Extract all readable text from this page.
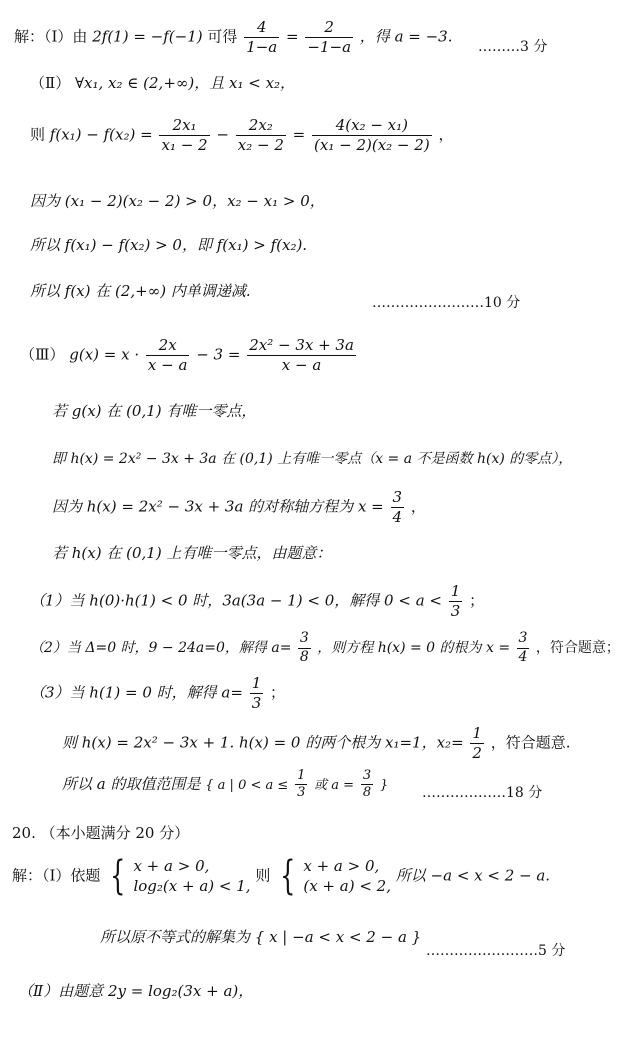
解：（Ⅰ）由 2f(1) = −f(−1) 可得 $\frac{4}{1-a} = \frac{2}{-1-a}$ ，得 a = −3.
………3 分
（Ⅱ） ∀x₁, x₂ ∈ (2,+∞)，且 x₁ < x₂，
则 $f(x_1) - f(x_2) = \frac{\text{2x₁}}{\text{x₁ − 2}} - \frac{\text{2x₂}}{\text{x₂ − 2}} = \frac{\text{4(x₂ − x₁)}}{\text{(x₁ − 2)(x₂ − 2)}}$ ，
因为 (x₁ − 2)(x₂ − 2) > 0，x₂ − x₁ > 0，
所以 f(x₁) − f(x₂) > 0，即 f(x₁) > f(x₂).
所以 f(x) 在 (2,+∞) 内单调递减.
……………………10 分
（Ⅲ） $g(x) = x \cdot \frac{2x}{x - a} - 3 = \frac{\text{2x² − 3x + 3a}}{x - a}$
若 g(x) 在 (0,1) 有唯一零点，
即 h(x) = 2x² − 3x + 3a 在 (0,1) 上有唯一零点（x = a 不是函数 h(x) 的零点），
因为 h(x) = 2x² − 3x + 3a 的对称轴方程为 $x = \frac{3}{4}$ ，
若 h(x) 在 (0,1) 上有唯一零点，由题意：
（1）当 h(0)·h(1) < 0 时，3a(3a − 1) < 0，解得 $0 < a < \frac{1}{3}$ ；
（2）当 Δ=0 时，9 − 24a=0，解得 $a= \frac{3}{8}$ ，则方程 h(x) = 0 的根为 $x = \frac{3}{4}$ ，符合题意；
（3）当 h(1) = 0 时，解得 $a= \frac{1}{3}$ ；
则 h(x) = 2x² − 3x + 1. h(x) = 0 的两个根为 x₁=1，$x_2= \frac{1}{2}$ ，符合题意.
所以 a 的取值范围是 { a | $0 < a \le \frac{1}{3}$ 或 $a = \frac{3}{8}$ } ………………18 分
20. （本小题满分 20 分）
解：（Ⅰ）依题 { x + a > 0,
log₂(x + a) < 1,
则 { x + a > 0,
(x + a) < 2,
所以 −a < x < 2 − a.
所以原不等式的解集为 { x | −a < x < 2 − a }
……………………5 分
（Ⅱ）由题意 2y = log₂(3x + a)，
